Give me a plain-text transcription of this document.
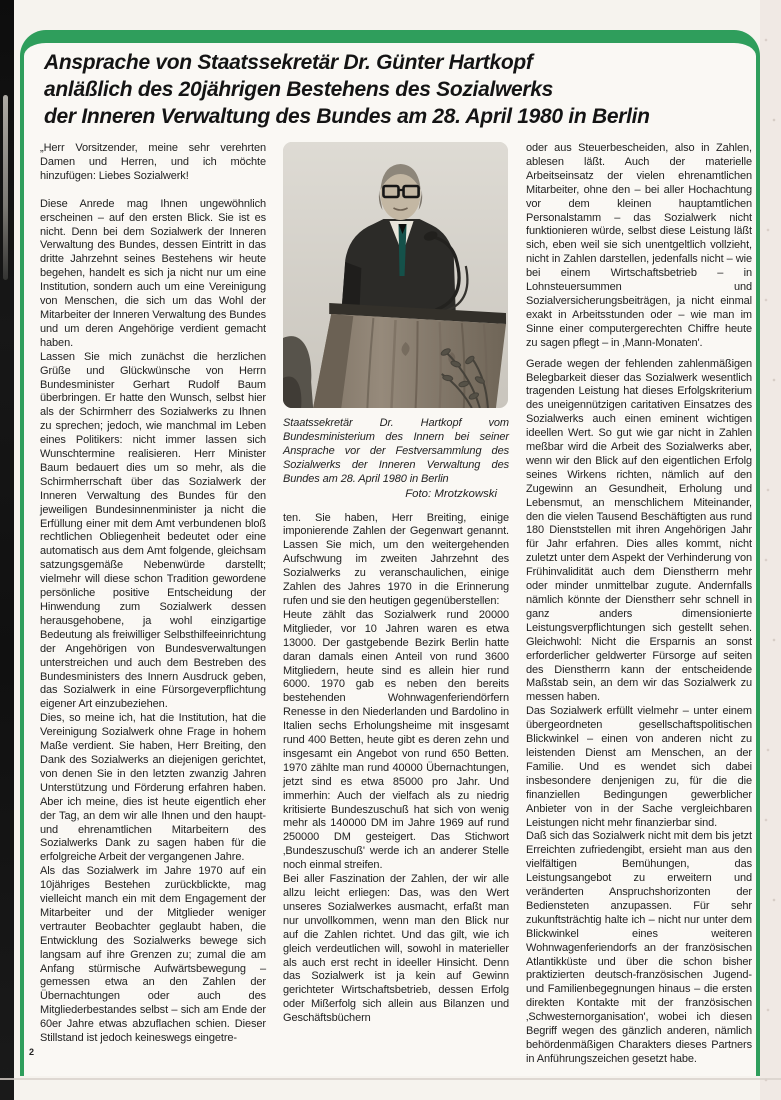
Ansprache von Staatssekretär Dr. Günter Hartkopf
anläßlich des 20jährigen Bestehens des Sozialwerks
der Inneren Verwaltung des Bundes am 28. April 1980 in Berlin

„Herr Vorsitzender, meine sehr verehrten Damen und Herren, und ich möchte hinzufügen: Liebes Sozialwerk!

Diese Anrede mag Ihnen ungewöhnlich erscheinen – auf den ersten Blick. Sie ist es nicht. Denn bei dem Sozialwerk der Inneren Verwaltung des Bundes, dessen Eintritt in das dritte Jahrzehnt seines Bestehens wir heute begehen, handelt es sich ja nicht nur um eine Institution, sondern auch um eine Vereinigung von Menschen, die sich um das Wohl der Mitarbeiter der Inneren Verwaltung des Bundes und um deren Angehörige verdient gemacht haben.

Lassen Sie mich zunächst die herzlichen Grüße und Glückwünsche von Herrn Bundesminister Gerhart Rudolf Baum überbringen. Er hatte den Wunsch, selbst hier als der Schirmherr des Sozialwerks zu Ihnen zu sprechen; jedoch, wie manchmal im Leben eines Politikers: nicht immer lassen sich Wunschtermine realisieren. Herr Minister Baum bedauert dies um so mehr, als die Schirmherrschaft über das Sozialwerk der Inneren Verwaltung des Bundes für den jeweiligen Bundesinnenminister ja nicht die Erfüllung einer mit dem Amt verbundenen bloß rechtlichen Obliegenheit bedeutet oder eine automatisch aus dem Amt folgende, gleichsam satzungsgemäße Nebenwürde darstellt; vielmehr will diese schon Tradition gewordene persönliche positive Entscheidung der Hinwendung zum Sozialwerk dessen herausgehobene, ja wohl einzigartige Bedeutung als freiwilliger Selbsthilfeeinrichtung der Angehörigen von Bundesverwaltungen unterstreichen und auch dem Bestreben des Bundesministers des Innern Ausdruck geben, das Sozialwerk in eine Fürsorgeverpflichtung eigener Art einzubeziehen.

Dies, so meine ich, hat die Institution, hat die Vereinigung Sozialwerk ohne Frage in hohem Maße verdient. Sie haben, Herr Breiting, den Dank des Sozialwerks an diejenigen gerichtet, von denen Sie in den letzten zwanzig Jahren Unterstützung und Förderung erfahren haben. Aber ich meine, dies ist heute eigentlich eher der Tag, an dem wir alle Ihnen und den haupt- und ehrenamtlichen Mitarbeitern des Sozialwerks Dank zu sagen haben für die erfolgreiche Arbeit der vergangenen Jahre.

Als das Sozialwerk im Jahre 1970 auf ein 10jähriges Bestehen zurückblickte, mag vielleicht manch ein mit dem Engagement der Mitarbeiter und der Mitglieder weniger vertrauter Beobachter geglaubt haben, die Entwicklung des Sozialwerks bewege sich langsam auf ihre Grenzen zu; zumal die am Anfang stürmische Aufwärtsbewegung – gemessen etwa an den Zahlen der Übernachtungen oder auch des Mitgliederbestandes selbst – sich am Ende der 60er Jahre etwas abzuflachen schien. Dieser Stillstand ist jedoch keineswegs eingetre-

Staatssekretär Dr. Hartkopf vom Bundesministerium des Innern bei seiner Ansprache vor der Festversammlung des Sozialwerks der Inneren Verwaltung des Bundes am 28. April 1980 in Berlin

Foto: Mrotzkowski

ten. Sie haben, Herr Breiting, einige imponierende Zahlen der Gegenwart genannt. Lassen Sie mich, um den weitergehenden Aufschwung im zweiten Jahrzehnt des Sozialwerks zu veranschaulichen, einige Zahlen des Jahres 1970 in die Erinnerung rufen und sie den heutigen gegenüberstellen:

Heute zählt das Sozialwerk rund 20000 Mitglieder, vor 10 Jahren waren es etwa 13000. Der gastgebende Bezirk Berlin hatte daran damals einen Anteil von rund 3600 Mitgliedern, heute sind es allein hier rund 6000. 1970 gab es neben den bereits bestehenden Wohnwagenferiendörfern Renesse in den Niederlanden und Bardolino in Italien sechs Erholungsheime mit insgesamt rund 400 Betten, heute gibt es deren zehn und insgesamt ein Angebot von rund 650 Betten. 1970 zählte man rund 40000 Übernachtungen, jetzt sind es etwa 85000 pro Jahr. Und immerhin: Auch der vielfach als zu niedrig kritisierte Bundeszuschuß hat sich von wenig mehr als 140000 DM im Jahre 1969 auf rund 250000 DM gesteigert. Das Stichwort ‚Bundeszuschuß' werde ich an anderer Stelle noch einmal streifen.

Bei aller Faszination der Zahlen, der wir alle allzu leicht erliegen: Das, was den Wert unseres Sozialwerkes ausmacht, erfaßt man nur unvollkommen, wenn man den Blick nur auf die Zahlen richtet. Und das gilt, wie ich gleich verdeutlichen will, sowohl in materieller als auch erst recht in ideeller Hinsicht. Denn das Sozialwerk ist ja kein auf Gewinn gerichteter Wirtschaftsbetrieb, dessen Erfolg oder Mißerfolg sich allein aus Bilanzen und Geschäftsbüchern

oder aus Steuerbescheiden, also in Zahlen, ablesen läßt. Auch der materielle Arbeitseinsatz der vielen ehrenamtlichen Mitarbeiter, ohne den – bei aller Hochachtung vor dem kleinen hauptamtlichen Personalstamm – das Sozialwerk nicht funktionieren würde, selbst diese Leistung läßt sich, eben weil sie sich unentgeltlich vollzieht, nicht in Zahlen darstellen, jedenfalls nicht – wie bei einem Wirtschaftsbetrieb – in Lohnsteuersummen und Sozialversicherungsbeiträgen, ja nicht einmal exakt in Arbeitsstunden oder – wie man im Sinne einer computergerechten Chiffre heute zu sagen pflegt – in ‚Mann-Monaten'.

Gerade wegen der fehlenden zahlenmäßigen Belegbarkeit dieser das Sozialwerk wesentlich tragenden Leistung hat dieses Erfolgskriterium des uneigennützigen caritativen Einsatzes des Sozialwerks auch einen eminent wichtigen ideellen Wert. So gut wie gar nicht in Zahlen meßbar wird die Arbeit des Sozialwerks aber, wenn wir den Blick auf den eigentlichen Erfolg seines Wirkens richten, nämlich auf den Zugewinn an Gesundheit, Erholung und Lebensmut, an menschlichem Miteinander, den die vielen Tausend Beschäftigten aus rund 180 Dienststellen mit ihren Angehörigen Jahr für Jahr erfahren. Dies alles kommt, nicht zuletzt unter dem Aspekt der Verhinderung von Frühinvalidität auch dem Dienstherrn mehr oder minder unmittelbar zugute. Andernfalls nämlich könnte der Dienstherr sehr schnell in ganz anders dimensionierte Leistungsverpflichtungen sich gestellt sehen. Gleichwohl: Nicht die Ersparnis an sonst erforderlicher geldwerter Fürsorge auf seiten des Dienstherrn kann der entscheidende Maßstab sein, an dem wir das Sozialwerk zu messen haben.

Das Sozialwerk erfüllt vielmehr – unter einem übergeordneten gesellschaftspolitischen Blickwinkel – einen von anderen nicht zu leistenden Dienst am Menschen, an der Familie. Und es wendet sich dabei insbesondere denjenigen zu, für die die finanziellen Bedingungen gewerblicher Anbieter von in der Sache vergleichbaren Leistungen nicht mehr finanzierbar sind.

Daß sich das Sozialwerk nicht mit dem bis jetzt Erreichten zufriedengibt, ersieht man aus den vielfältigen Bemühungen, das Leistungsangebot zu erweitern und veränderten Anspruchshorizonten der Bediensteten anzupassen. Für sehr zukunftsträchtig halte ich – nicht nur unter dem Blickwinkel eines weiteren Wohnwagenferiendorfs an der französischen Atlantikküste und über die schon bisher praktizierten deutsch-französischen Jugend- und Familienbegegnungen hinaus – die ersten direkten Kontakte mit der französischen ‚Schwesternorganisation', wobei ich diesen Begriff wegen des gänzlich anderen, nämlich behördenmäßigen Charakters dieses Partners in Anführungszeichen gesetzt habe.

2
